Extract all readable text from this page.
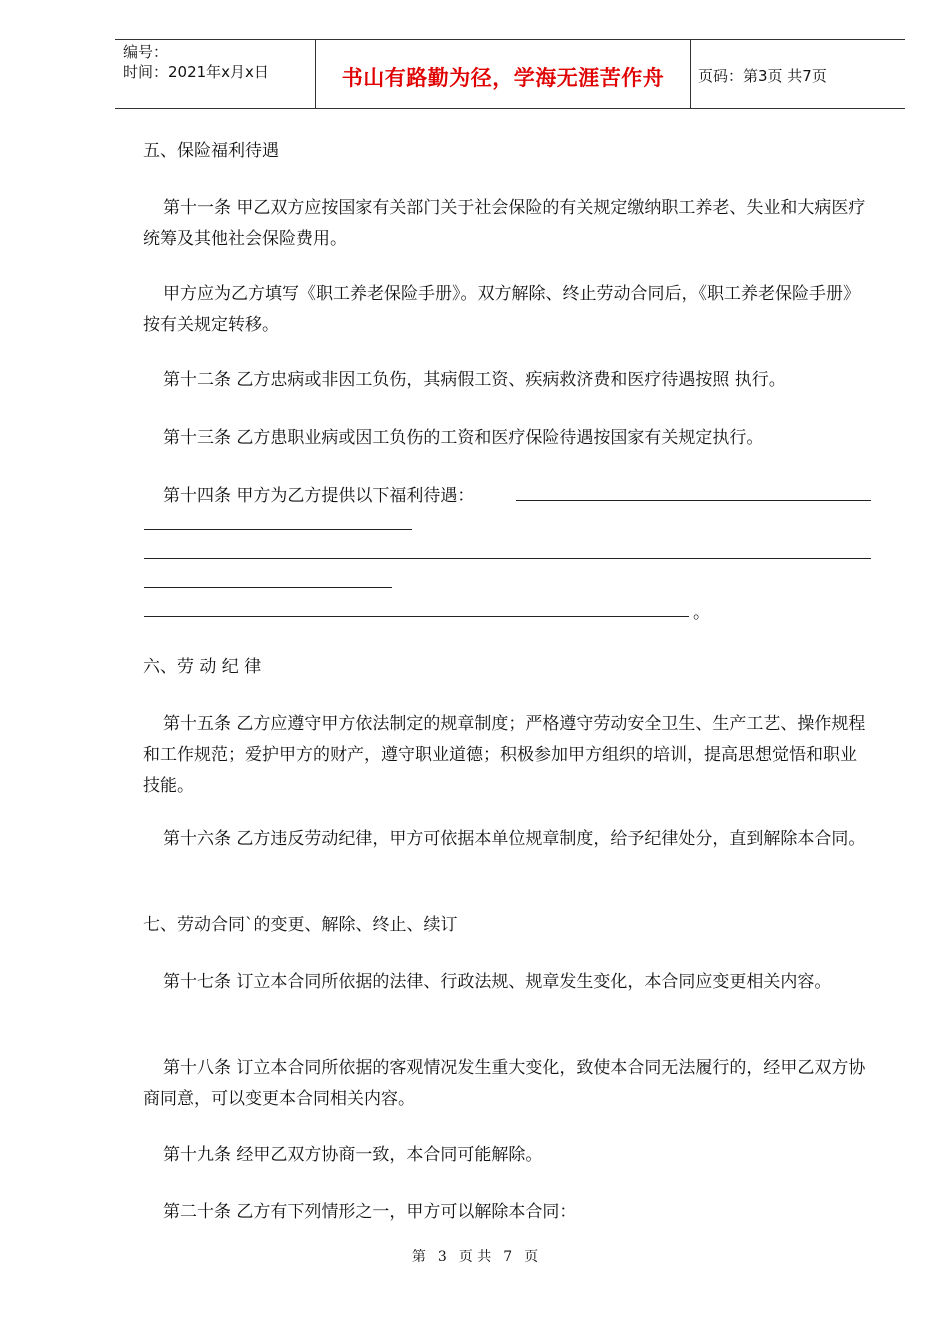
编号：
时间：2021年x月x日	书山有路勤为径，学海无涯苦作舟	页码：第3页 共7页

五、保险福利待遇

第十一条 甲乙双方应按国家有关部门关于社会保险的有关规定缴纳职工养老、失业和大病医疗统筹及其他社会保险费用。

甲方应为乙方填写《职工养老保险手册》。双方解除、终止劳动合同后，《职工养老保险手册》按有关规定转移。

第十二条 乙方忠病或非因工负伤，其病假工资、疾病救济费和医疗待遇按照 执行。

第十三条 乙方患职业病或因工负伤的工资和医疗保险待遇按国家有关规定执行。

第十四条 甲方为乙方提供以下福利待遇：

。

六、劳 动 纪 律

第十五条 乙方应遵守甲方依法制定的规章制度；严格遵守劳动安全卫生、生产工艺、操作规程和工作规范；爱护甲方的财产，遵守职业道德；积极参加甲方组织的培训，提高思想觉悟和职业技能。

第十六条 乙方违反劳动纪律，甲方可依据本单位规章制度，给予纪律处分，直到解除本合同。

七、劳动合同`的变更、解除、终止、续订

第十七条 订立本合同所依据的法律、行政法规、规章发生变化，本合同应变更相关内容。

第十八条 订立本合同所依据的客观情况发生重大变化，致使本合同无法履行的，经甲乙双方协商同意，可以变更本合同相关内容。

第十九条 经甲乙双方协商一致，本合同可能解除。

第二十条 乙方有下列情形之一，甲方可以解除本合同：

第 3 页 共 7 页
